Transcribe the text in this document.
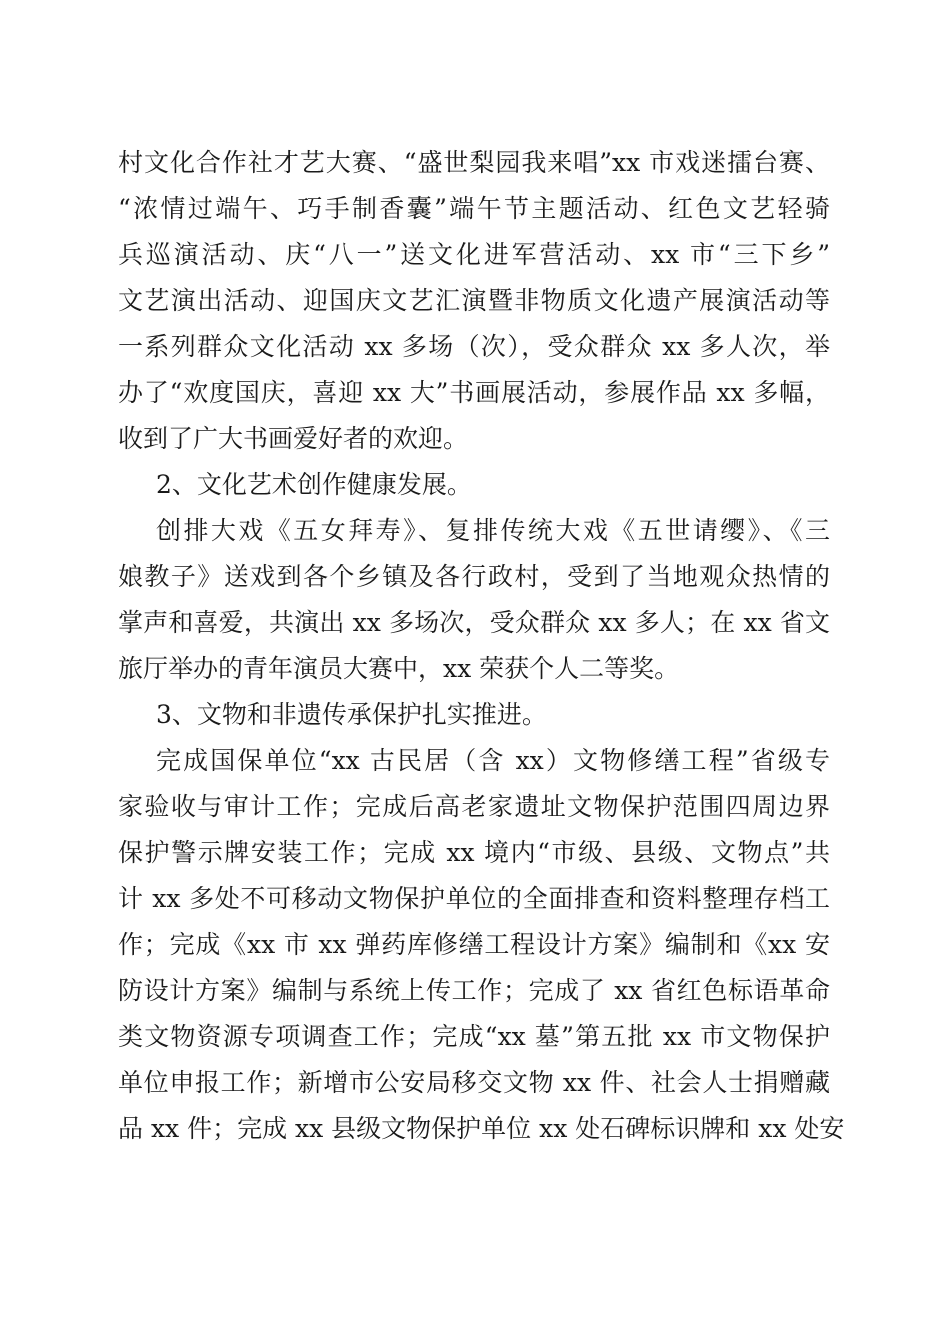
村文化合作社才艺大赛、“盛世梨园我来唱”xx 市戏迷擂台赛、
“浓情过端午、巧手制香囊”端午节主题活动、红色文艺轻骑
兵巡演活动、庆“八一”送文化进军营活动、xx 市“三下乡”
文艺演出活动、迎国庆文艺汇演暨非物质文化遗产展演活动等
一系列群众文化活动 xx 多场（次），受众群众 xx 多人次，举
办了“欢度国庆，喜迎 xx 大”书画展活动，参展作品 xx 多幅，
收到了广大书画爱好者的欢迎。
2、文化艺术创作健康发展。
创排大戏《五女拜寿》、复排传统大戏《五世请缨》、《三
娘教子》送戏到各个乡镇及各行政村，受到了当地观众热情的
掌声和喜爱，共演出 xx 多场次，受众群众 xx 多人；在 xx 省文
旅厅举办的青年演员大赛中，xx 荣获个人二等奖。
3、文物和非遗传承保护扎实推进。
完成国保单位“xx 古民居（含 xx）文物修缮工程”省级专
家验收与审计工作；完成后高老家遗址文物保护范围四周边界
保护警示牌安装工作；完成 xx 境内“市级、县级、文物点”共
计 xx 多处不可移动文物保护单位的全面排查和资料整理存档工
作；完成《xx 市 xx 弹药库修缮工程设计方案》编制和《xx 安
防设计方案》编制与系统上传工作；完成了 xx 省红色标语革命
类文物资源专项调查工作；完成“xx 墓”第五批 xx 市文物保护
单位申报工作；新增市公安局移交文物 xx 件、社会人士捐赠藏
品 xx 件；完成 xx 县级文物保护单位 xx 处石碑标识牌和 xx 处安
